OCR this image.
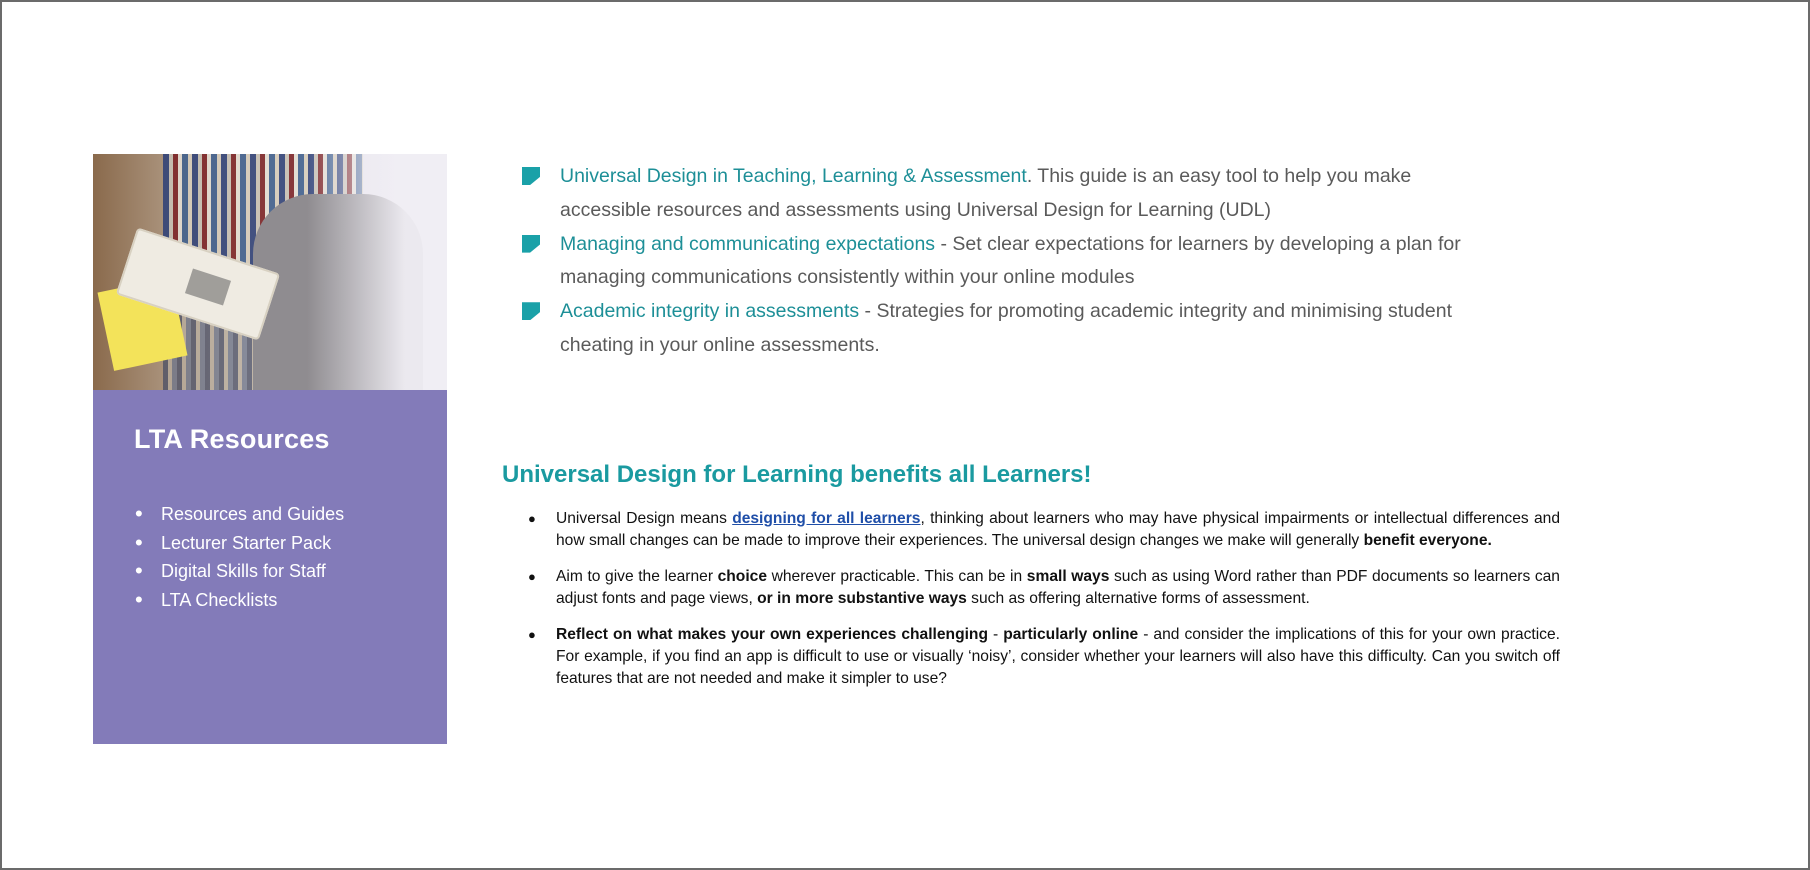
LTA Resources
• Resources and Guides
• Lecturer Starter Pack
• Digital Skills for Staff
• LTA Checklists
Universal Design in Teaching, Learning & Assessment. This guide is an easy tool to help you make
accessible resources and assessments using Universal Design for Learning (UDL)
Managing and communicating expectations - Set clear expectations for learners by developing a plan for
managing communications consistently within your online modules
Academic integrity in assessments - Strategies for promoting academic integrity and minimising student
cheating in your online assessments.
Universal Design for Learning benefits all Learners!
● Universal Design means designing for all learners, thinking about learners who may have physical impairments or intellectual differences and how small changes can be made to improve their experiences. The universal design changes we make will generally benefit everyone.
● Aim to give the learner choice wherever practicable. This can be in small ways such as using Word rather than PDF documents so learners can adjust fonts and page views, or in more substantive ways such as offering alternative forms of assessment.
● Reflect on what makes your own experiences challenging - particularly online - and consider the implications of this for your own practice. For example, if you find an app is difficult to use or visually ‘noisy’, consider whether your learners will also have this difficulty. Can you switch off features that are not needed and make it simpler to use?
